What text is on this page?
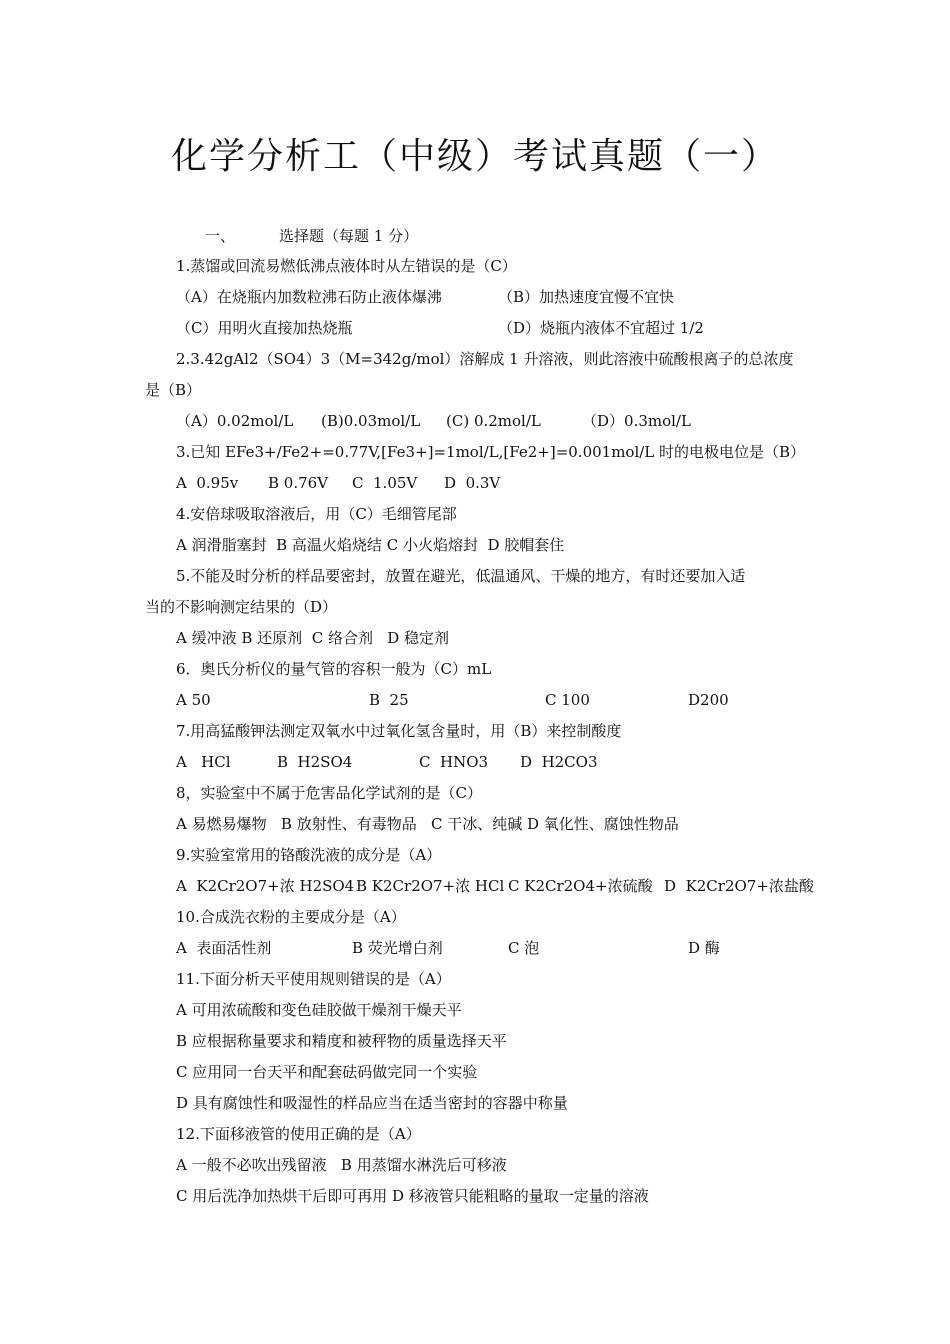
化学分析工（中级）考试真题（一）

一、

	选择题（每题 1 分）

1.蒸馏或回流易燃低沸点液体时从左错误的是（C）

（A）在烧瓶内加数粒沸石防止液体爆沸

	（B）加热速度宜慢不宜快

（C）用明火直接加热烧瓶

	（D）烧瓶内液体不宜超过 1/2

2.3.42gAl2（SO4）3（M=342g/mol）溶解成 1 升溶液，则此溶液中硫酸根离子的总浓度
是（B）

（A）0.02mol/L

(B)0.03mol/L

(C) 0.2mol/L

	（D）0.3mol/L

3.已知 EFe3+/Fe2+=0.77V,[Fe3+]=1mol/L,[Fe2+]=0.001mol/L 时的电极电位是（B）

A  0.95v

B 0.76V

C  1.05V

D  0.3V

4.安倍球吸取溶液后，用（C）毛细管尾部
A 润滑脂塞封  B 高温火焰烧结 C 小火焰熔封  D 胶帽套住
5.不能及时分析的样品要密封，放置在避光，低温通风、干燥的地方，有时还要加入适
当的不影响测定结果的（D）
A 缓冲液 B 还原剂  C 络合剂   D 稳定剂
6．奥氏分析仪的量气管的容积一般为（C）mL

A 50

	B  25

	C 100

	D200

7.用高猛酸钾法测定双氧水中过氧化氢含量时，用（B）来控制酸度

A   HCl

	B  H2SO4

	C  HNO3

D  H2CO3

8，实验室中不属于危害品化学试剂的是（C）
A 易燃易爆物   B 放射性、有毒物品   C 干冰、纯碱 D 氧化性、腐蚀性物品
9.实验室常用的铬酸洗液的成分是（A）

A  K2Cr2O7+浓 H2SO4

B K2Cr2O7+浓 HCl

C K2Cr2O4+浓硫酸

D  K2Cr2O7+浓盐酸

10.合成洗衣粉的主要成分是（A）

A  表面活性剂

	B 荧光增白剂

	C 泡

	D 酶

11.下面分析天平使用规则错误的是（A）
A 可用浓硫酸和变色硅胶做干燥剂干燥天平
B 应根据称量要求和精度和被秤物的质量选择天平
C 应用同一台天平和配套砝码做完同一个实验
D 具有腐蚀性和吸湿性的样品应当在适当密封的容器中称量
12.下面移液管的使用正确的是（A）
A 一般不必吹出残留液   B 用蒸馏水淋洗后可移液
C 用后洗净加热烘干后即可再用 D 移液管只能粗略的量取一定量的溶液
